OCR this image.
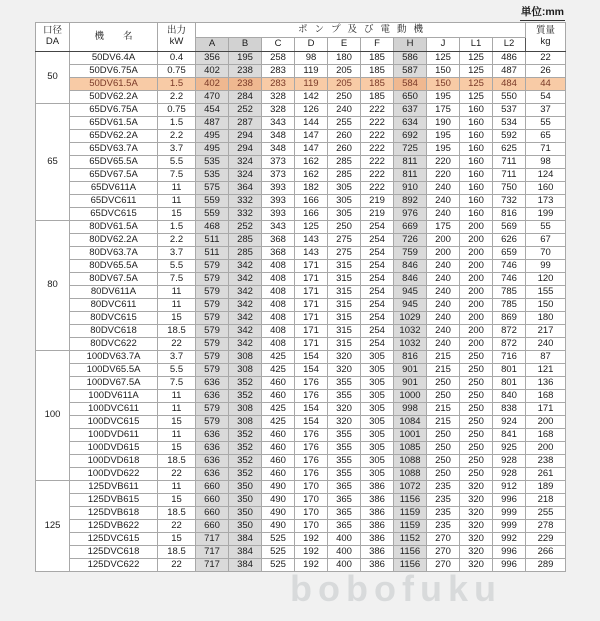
単位:mm
口径
DA	機　　名	出力
kW	ポンプ及び電動機										質量
kg
			A	B	C	D	E	F	H	J	L1	L2	
50	50DV6.4A	0.4	356	195	258	98	180	185	586	125	125	486	22
	50DV6.75A	0.75	402	238	283	119	205	185	587	150	125	487	26
	50DV61.5A	1.5	402	238	283	119	205	185	584	150	125	484	44
	50DV62.2A	2.2	470	284	328	142	250	185	650	195	125	550	54
65	65DV6.75A	0.75	454	252	328	126	240	222	637	175	160	537	37
	65DV61.5A	1.5	487	287	343	144	255	222	634	190	160	534	55
	65DV62.2A	2.2	495	294	348	147	260	222	692	195	160	592	65
	65DV63.7A	3.7	495	294	348	147	260	222	725	195	160	625	71
	65DV65.5A	5.5	535	324	373	162	285	222	811	220	160	711	98
	65DV67.5A	7.5	535	324	373	162	285	222	811	220	160	711	124
	65DV611A	11	575	364	393	182	305	222	910	240	160	750	160
	65DVC611	11	559	332	393	166	305	219	892	240	160	732	173
	65DVC615	15	559	332	393	166	305	219	976	240	160	816	199
80	80DV61.5A	1.5	468	252	343	125	250	254	669	175	200	569	55
	80DV62.2A	2.2	511	285	368	143	275	254	726	200	200	626	67
	80DV63.7A	3.7	511	285	368	143	275	254	759	200	200	659	70
	80DV65.5A	5.5	579	342	408	171	315	254	846	240	200	746	99
	80DV67.5A	7.5	579	342	408	171	315	254	846	240	200	746	120
	80DV611A	11	579	342	408	171	315	254	945	240	200	785	155
	80DVC611	11	579	342	408	171	315	254	945	240	200	785	150
	80DVC615	15	579	342	408	171	315	254	1029	240	200	869	180
	80DVC618	18.5	579	342	408	171	315	254	1032	240	200	872	217
	80DVC622	22	579	342	408	171	315	254	1032	240	200	872	240
100	100DV63.7A	3.7	579	308	425	154	320	305	816	215	250	716	87
	100DV65.5A	5.5	579	308	425	154	320	305	901	215	250	801	121
	100DV67.5A	7.5	636	352	460	176	355	305	901	250	250	801	136
	100DV611A	11	636	352	460	176	355	305	1000	250	250	840	168
	100DVC611	11	579	308	425	154	320	305	998	215	250	838	171
	100DVC615	15	579	308	425	154	320	305	1084	215	250	924	200
	100DVD611	11	636	352	460	176	355	305	1001	250	250	841	168
	100DVD615	15	636	352	460	176	355	305	1085	250	250	925	200
	100DVD618	18.5	636	352	460	176	355	305	1088	250	250	928	238
	100DVD622	22	636	352	460	176	355	305	1088	250	250	928	261
125	125DVB611	11	660	350	490	170	365	386	1072	235	320	912	189
	125DVB615	15	660	350	490	170	365	386	1156	235	320	996	218
	125DVB618	18.5	660	350	490	170	365	386	1159	235	320	999	255
	125DVB622	22	660	350	490	170	365	386	1159	235	320	999	278
	125DVC615	15	717	384	525	192	400	386	1152	270	320	992	229
	125DVC618	18.5	717	384	525	192	400	386	1156	270	320	996	266
	125DVC622	22	717	384	525	192	400	386	1156	270	320	996	289
bobofuku
